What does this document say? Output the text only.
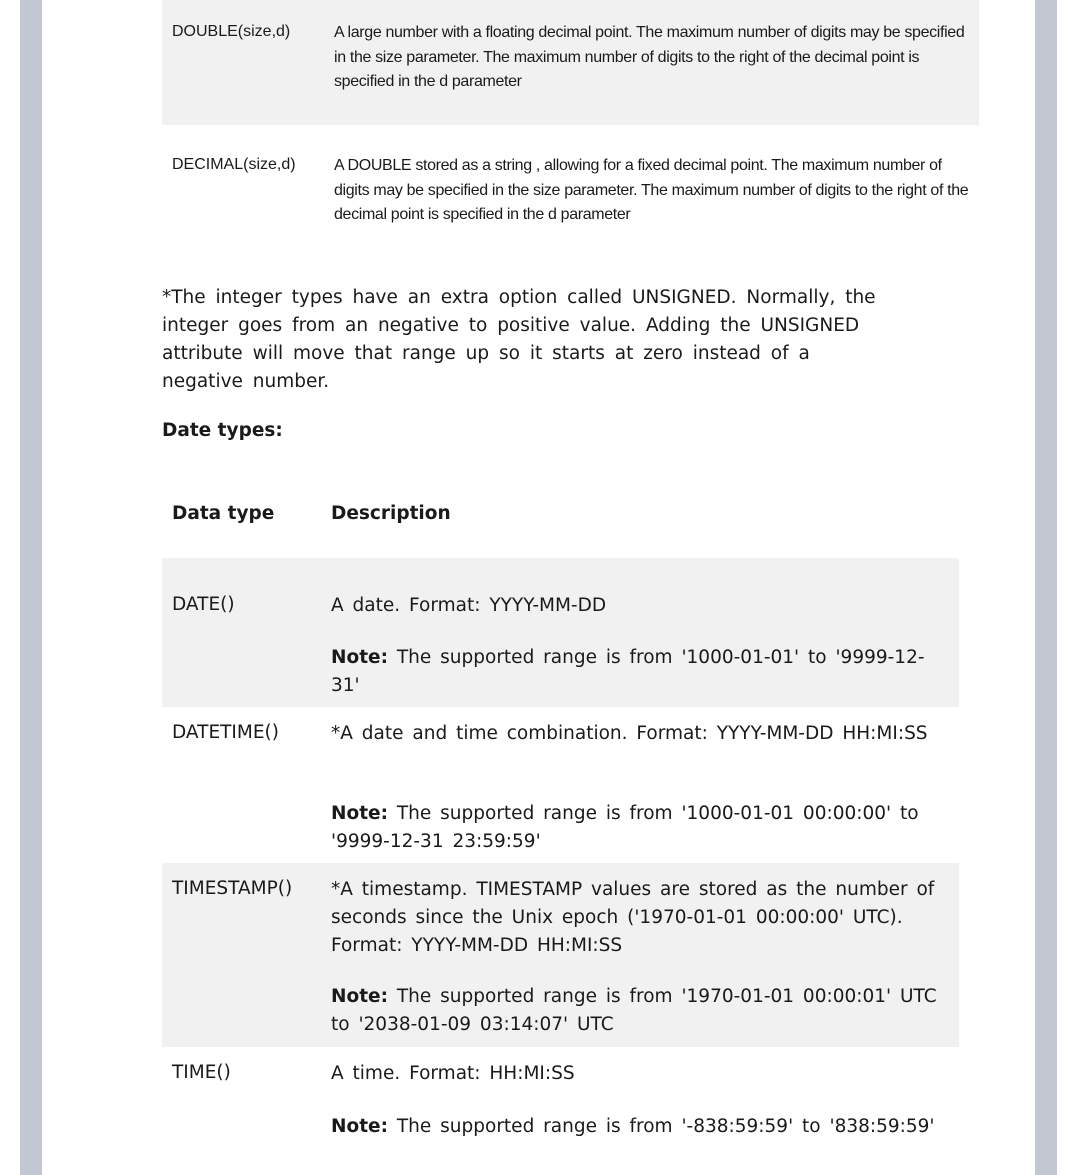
DOUBLE(size,d)	A large number with a floating decimal point. The maximum number of digits may be specified in the size parameter. The maximum number of digits to the right of the decimal point is specified in the d parameter
DECIMAL(size,d) A DOUBLE stored as a string , allowing for a fixed decimal point. The maximum number of digits may be specified in the size parameter. The maximum number of digits to the right of the decimal point is specified in the d parameter
*The integer types have an extra option called UNSIGNED. Normally, the integer goes from an negative to positive value. Adding the UNSIGNED attribute will move that range up so it starts at zero instead of a negative number.
Date types:
Data type	Description
DATE()	A date. Format: YYYY-MM-DD
Note: The supported range is from '1000-01-01' to '9999-12-31'
DATETIME()	*A date and time combination. Format: YYYY-MM-DD HH:MI:SS
Note: The supported range is from '1000-01-01 00:00:00' to '9999-12-31 23:59:59'
TIMESTAMP() *A timestamp. TIMESTAMP values are stored as the number of seconds since the Unix epoch ('1970-01-01 00:00:00' UTC). Format: YYYY-MM-DD HH:MI:SS
Note: The supported range is from '1970-01-01 00:00:01' UTC to '2038-01-09 03:14:07' UTC
TIME()	A time. Format: HH:MI:SS
Note: The supported range is from '-838:59:59' to '838:59:59'
